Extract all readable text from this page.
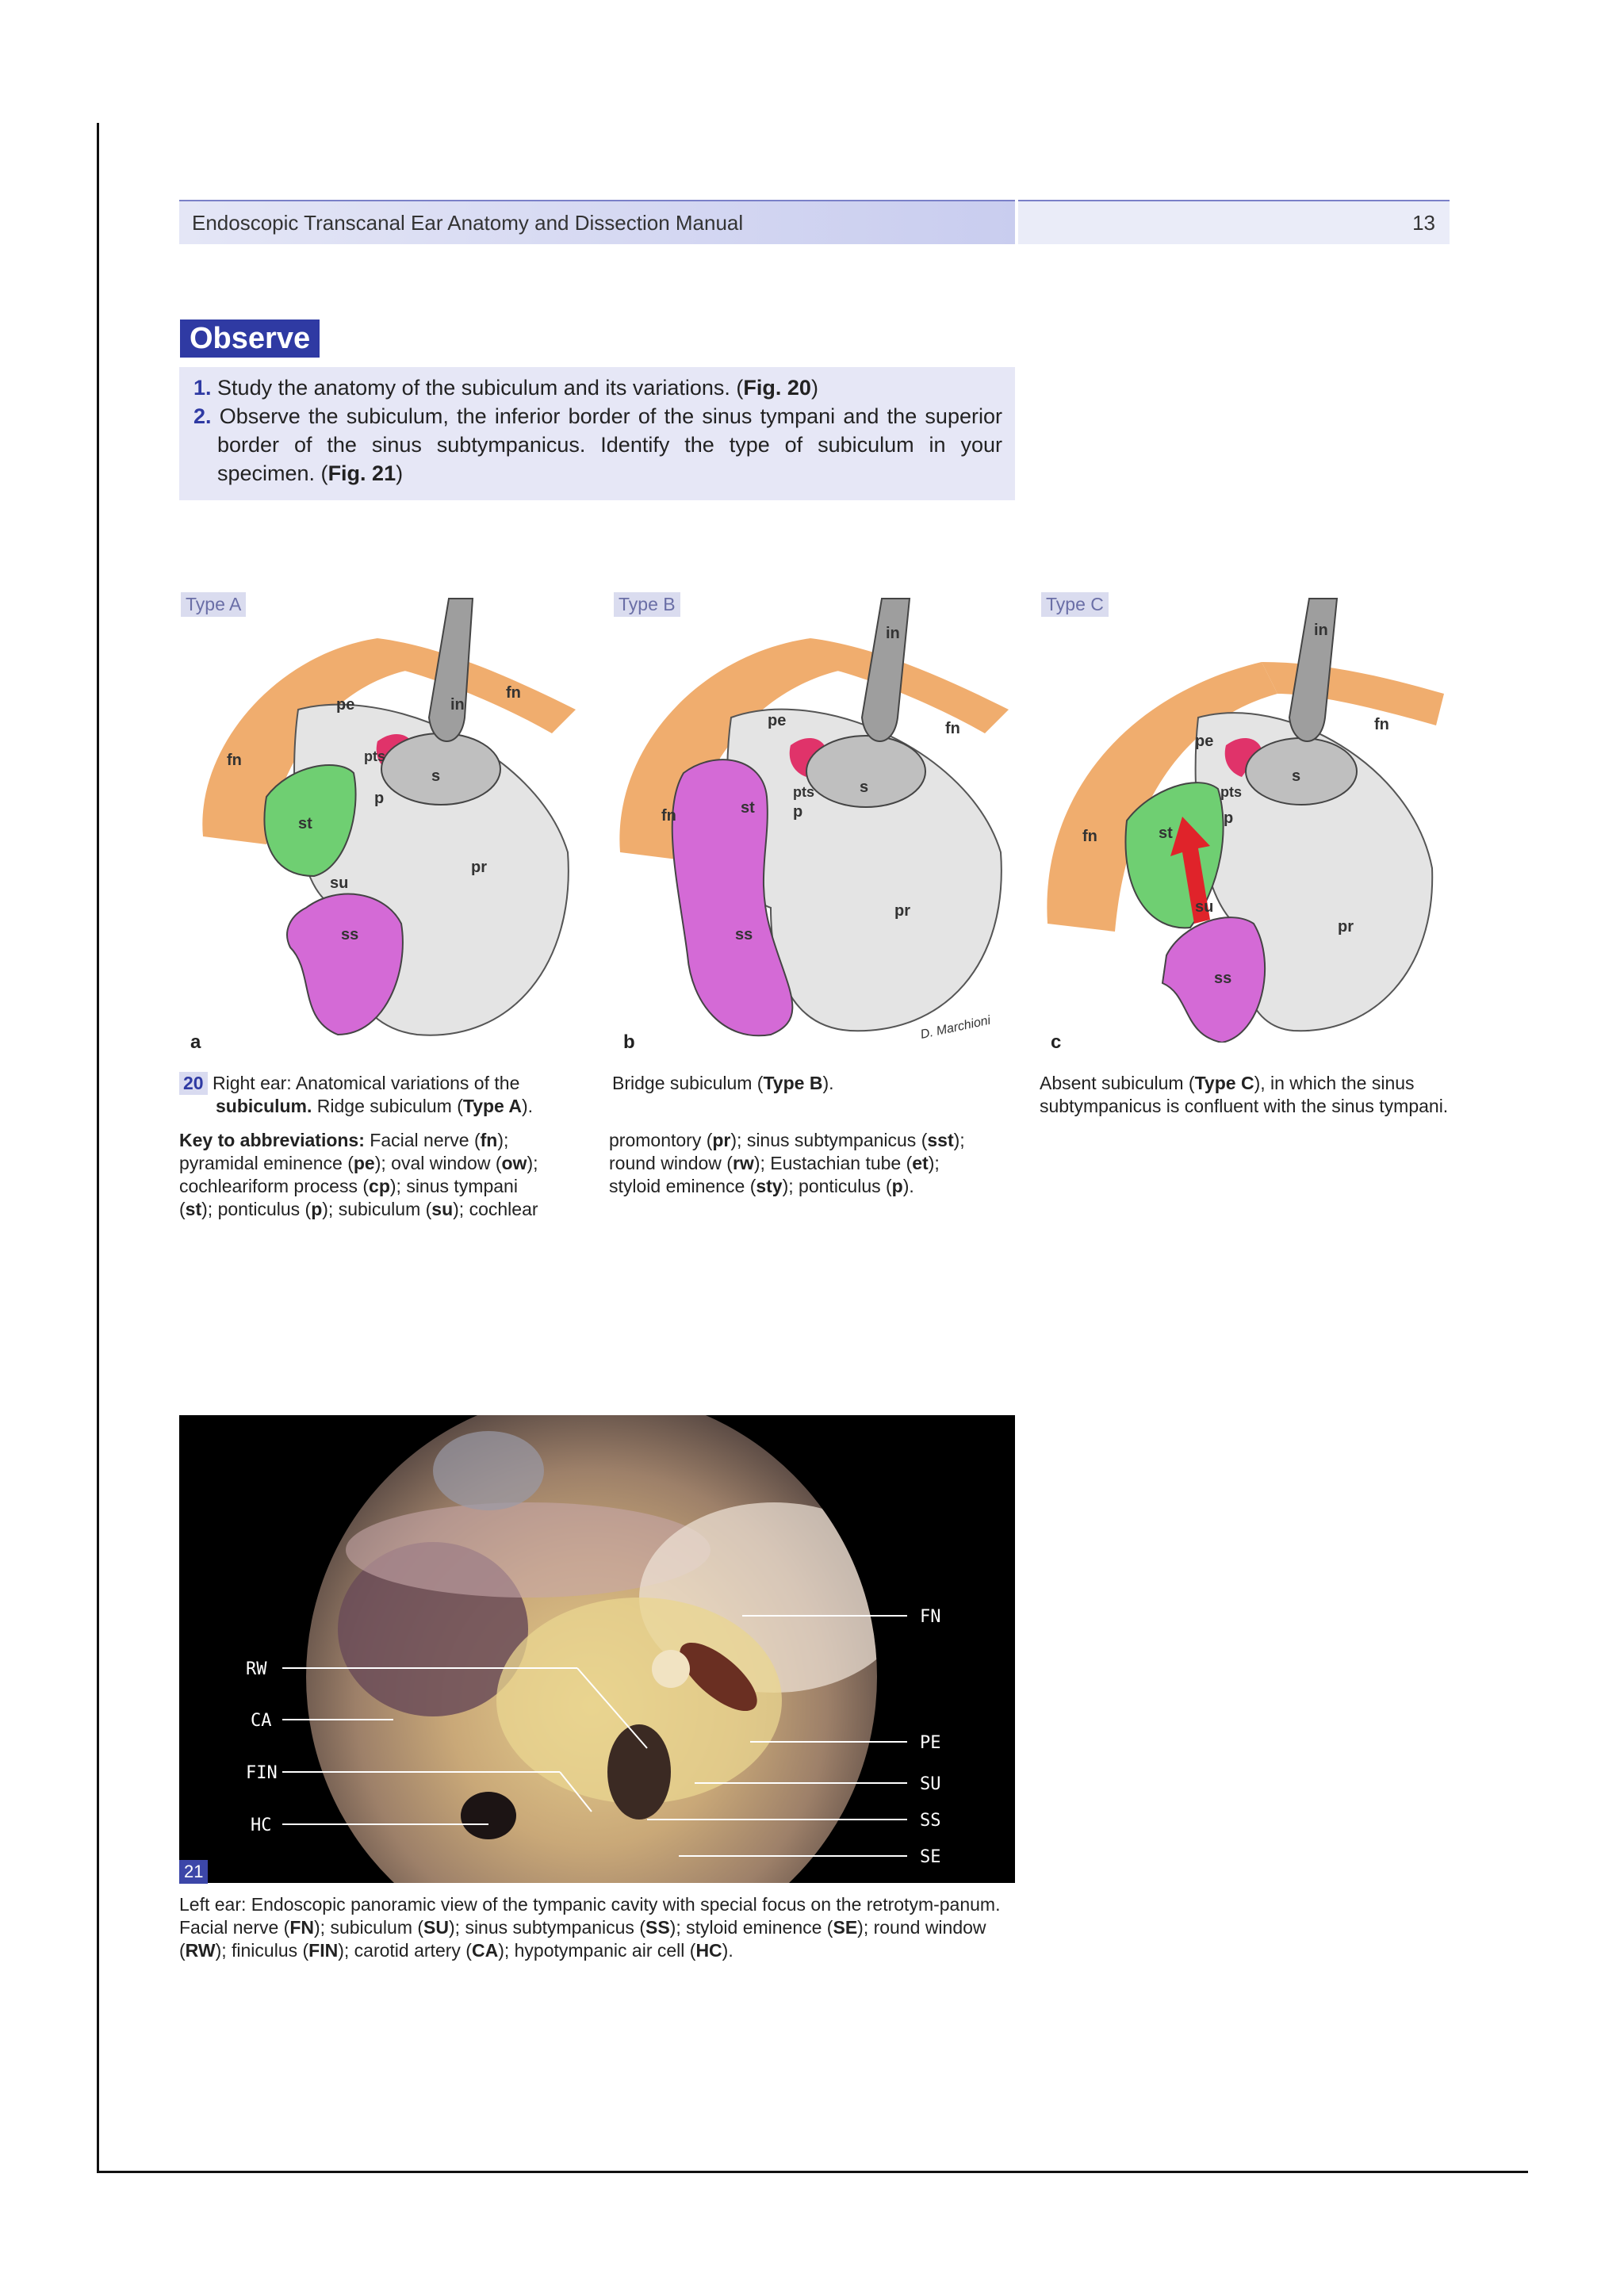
Endoscopic Transcanal Ear Anatomy and Dissection Manual	13
Observe
1. Study the anatomy of the subiculum and its variations. (Fig. 20)
2. Observe the subiculum, the inferior border of the sinus tympani and the superior border of the sinus subtympanicus. Identify the type of subiculum in your specimen. (Fig. 21)
fn
fn
pe	in
pts
s
p
st
su
pr
ss
Type A
a
in
pe
fn
fn
pts
st p
s
ss
pr
D. Marchioni
Type B
b
in
pe
fn
fn
pts
s
p
st
su
ss
pr
Type C
c
20 Right ear: Anatomical variations of the
subiculum. Ridge subiculum (Type A).
Bridge subiculum (Type B).	Absent subiculum (Type C), in which the sinus subtympanicus is confluent with the sinus tympani.
Key to abbreviations: Facial nerve (fn);
pyramidal eminence (pe); oval window (ow);
cochleariform process (cp); sinus tympani
(st); ponticulus (p); subiculum (su); cochlear
promontory (pr); sinus subtympanicus (sst);
round window (rw); Eustachian tube (et);
styloid eminence (sty); ponticulus (p).
RW
CA
FIN
HC
FN
PE
SU
SS
SE
21
Left ear: Endoscopic panoramic view of the tympanic cavity with special focus on the retrotym-panum. Facial nerve (FN); subiculum (SU); sinus subtympanicus (SS); styloid eminence (SE); round window (RW); finiculus (FIN); carotid artery (CA); hypotympanic air cell (HC).
